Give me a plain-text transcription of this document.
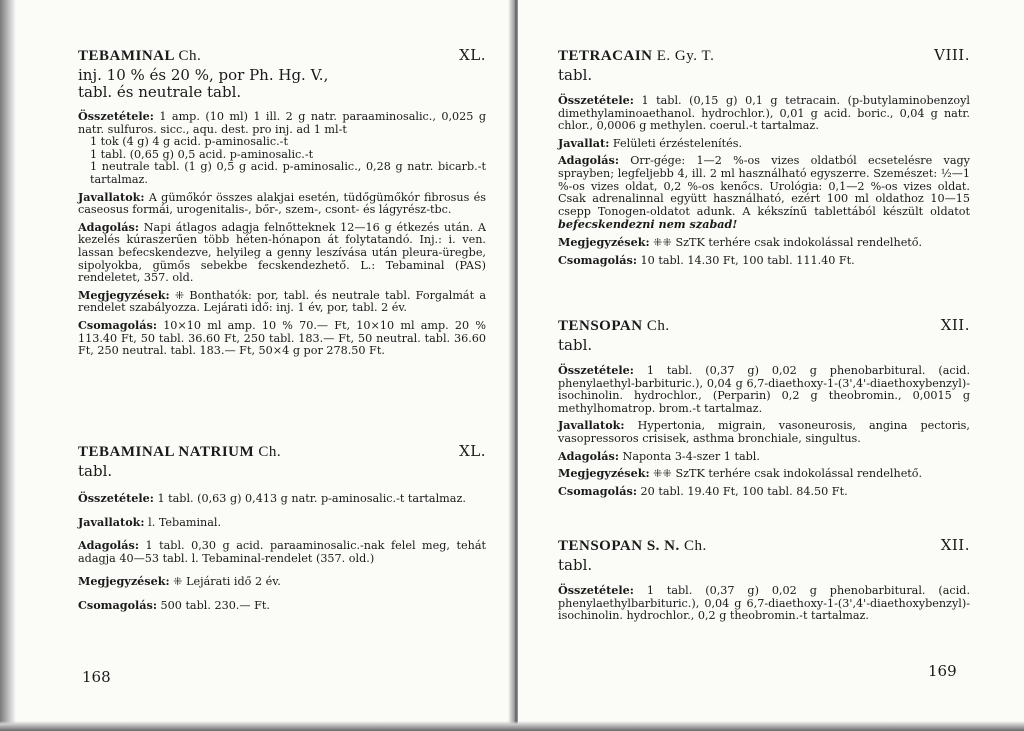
TEBAMINAL Ch.	XL.
inj. 10 % és 20 %, por Ph. Hg. V.,
tabl. és neutrale tabl.
Összetétele: 1 amp. (10 ml) 1 ill. 2 g natr. paraaminosalic., 0,025 g natr. sulfuros. sicc., aqu. dest. pro inj. ad 1 ml-t
1 tok (4 g) 4 g acid. p-aminosalic.-t
1 tabl. (0,65 g) 0,5 acid. p-aminosalic.-t
1 neutrale tabl. (1 g) 0,5 g acid. p-aminosalic., 0,28 g natr. bicarb.-t tartalmaz.
Javallatok: A gümőkór összes alakjai esetén, tüdőgümőkór fibrosus és caseosus formái, urogenitalis-, bőr-, szem-, csont- és lágyrész-tbc.
Adagolás: Napi átlagos adagja felnőtteknek 12—16 g étkezés után. A kezelés kúraszerűen több héten-hónapon át folytatandó. Inj.: i. ven. lassan befecskendezve, helyileg a genny leszívása után pleura-üregbe, sipolyokba, gümős sebekbe fecskendezhető. L.: Tebaminal (PAS) rendeletet, 357. old.
Megjegyzések: ⁜ Bonthatók: por, tabl. és neutrale tabl. Forgalmát a rendelet szabályozza. Lejárati idő: inj. 1 év, por, tabl. 2 év.
Csomagolás: 10×10 ml amp. 10 % 70.— Ft, 10×10 ml amp. 20 % 113.40 Ft, 50 tabl. 36.60 Ft, 250 tabl. 183.— Ft, 50 neutral. tabl. 36.60 Ft, 250 neutral. tabl. 183.— Ft, 50×4 g por 278.50 Ft.
TEBAMINAL NATRIUM Ch.	XL.
tabl.
Összetétele: 1 tabl. (0,63 g) 0,413 g natr. p-aminosalic.-t tartalmaz.
Javallatok: l. Tebaminal.
Adagolás: 1 tabl. 0,30 g acid. paraaminosalic.-nak felel meg, tehát adagja 40—53 tabl. l. Tebaminal-rendelet (357. old.)
Megjegyzések: ⁜ Lejárati idő 2 év.
Csomagolás: 500 tabl. 230.— Ft.
168
TETRACAIN E. Gy. T.	VIII.
tabl.
Összetétele: 1 tabl. (0,15 g) 0,1 g tetracain. (p-butylaminobenzoyl dimethylaminoaethanol. hydrochlor.), 0,01 g acid. boric., 0,04 g natr. chlor., 0,0006 g methylen. coerul.-t tartalmaz.
Javallat: Felületi érzéstelenítés.
Adagolás: Orr-gége: 1—2 %-os vizes oldatból ecsetelésre vagy sprayben; legfeljebb 4, ill. 2 ml használható egyszerre. Szemészet: ½—1 %-os vizes oldat, 0,2 %-os kenőcs. Urológia: 0,1—2 %-os vizes oldat. Csak adrenalinnal együtt használható, ezért 100 ml oldathoz 10—15 csepp Tonogen-oldatot adunk. A kékszínű tablettából készült oldatot befecskendezni nem szabad!
Megjegyzések: ⁜⁜ SzTK terhére csak indokolással rendelhető.
Csomagolás: 10 tabl. 14.30 Ft, 100 tabl. 111.40 Ft.
TENSOPAN Ch.	XII.
tabl.
Összetétele: 1 tabl. (0,37 g) 0,02 g phenobarbitural. (acid. phenylaethyl-barbituric.), 0,04 g 6,7-diaethoxy-1-(3',4'-diaethoxybenzyl)-isochinolin. hydrochlor., (Perparin) 0,2 g theobromin., 0,0015 g methylhomatrop. brom.-t tartalmaz.
Javallatok: Hypertonia, migrain, vasoneurosis, angina pectoris, vasopressoros crisisek, asthma bronchiale, singultus.
Adagolás: Naponta 3-4-szer 1 tabl.
Megjegyzések: ⁜⁜ SzTK terhére csak indokolással rendelhető.
Csomagolás: 20 tabl. 19.40 Ft, 100 tabl. 84.50 Ft.
TENSOPAN S. N. Ch.	XII.
tabl.
Összetétele: 1 tabl. (0,37 g) 0,02 g phenobarbitural. (acid. phenylaethylbarbituric.), 0,04 g 6,7-diaethoxy-1-(3',4'-diaethoxybenzyl)-isochinolin. hydrochlor., 0,2 g theobromin.-t tartalmaz.
169
